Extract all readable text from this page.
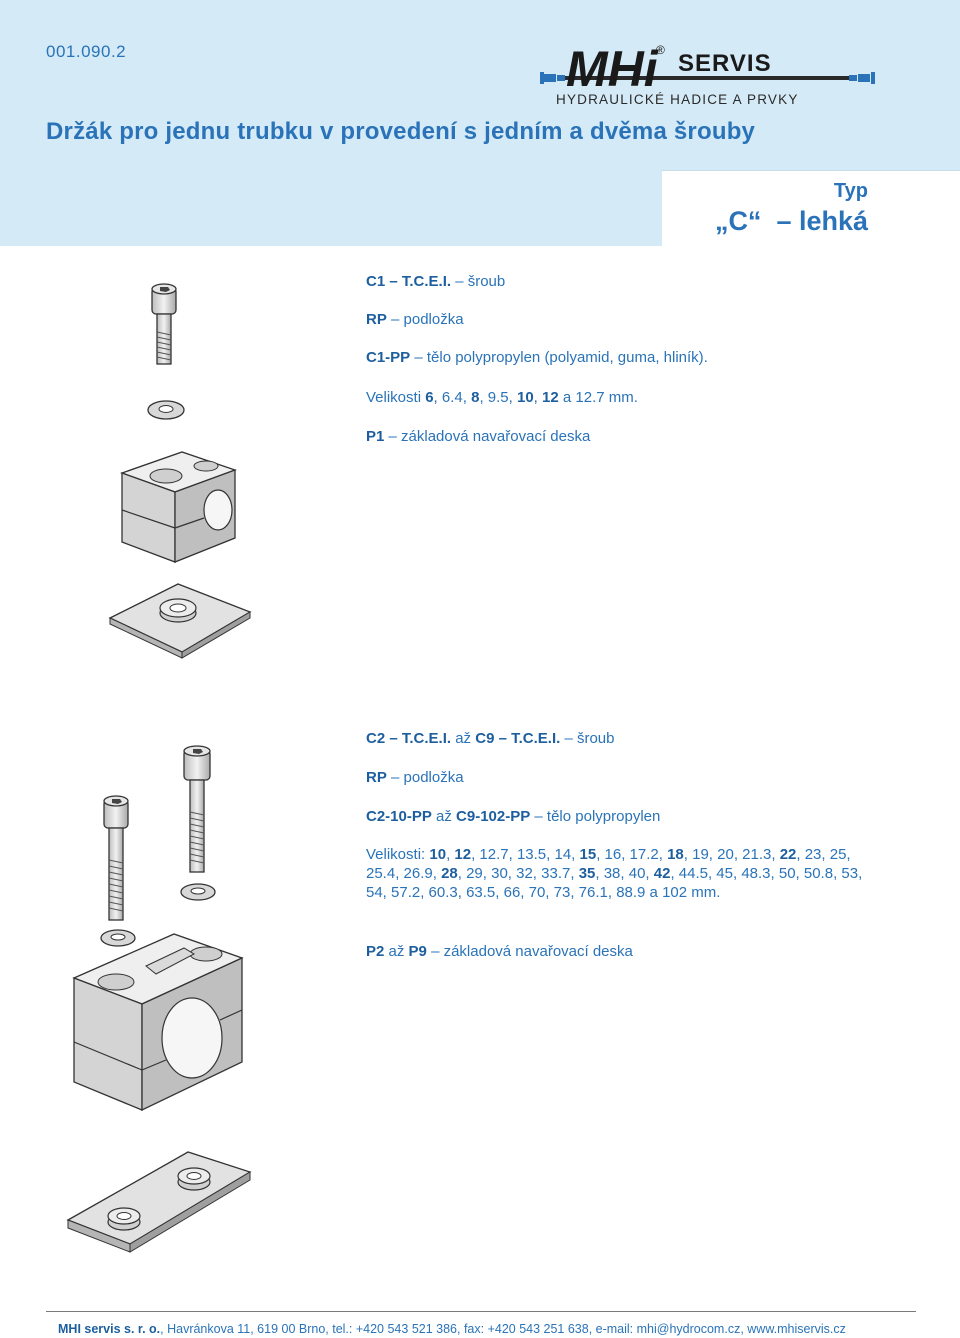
001.090.2	MHi SERVIS
®
HYDRAULICKÉ HADICE A PRVKY
Držák pro jednu trubku v provedení s jedním a dvěma šrouby
Typ
„C“  – lehká
C1 – T.C.E.I. – šroub
RP – podložka
C1-PP – tělo polypropylen (polyamid, guma, hliník).
Velikosti 6, 6.4, 8, 9.5, 10, 12 a 12.7 mm.
P1 – základová navařovací deska
C2 – T.C.E.I. až C9 – T.C.E.I. – šroub
RP – podložka
C2-10-PP až C9-102-PP – tělo polypropylen
Velikosti: 10, 12, 12.7, 13.5, 14, 15, 16, 17.2, 18, 19, 20, 21.3, 22, 23, 25, 25.4, 26.9, 28, 29, 30, 32, 33.7, 35, 38, 40, 42, 44.5, 45, 48.3, 50, 50.8, 53, 54, 57.2, 60.3, 63.5, 66, 70, 73, 76.1, 88.9 a 102 mm.
P2 až P9 – základová navařovací deska
MHI servis s. r. o., Havránkova 11, 619 00 Brno, tel.: +420 543 521 386, fax: +420 543 251 638, e-mail: mhi@hydrocom.cz, www.mhiservis.cz
